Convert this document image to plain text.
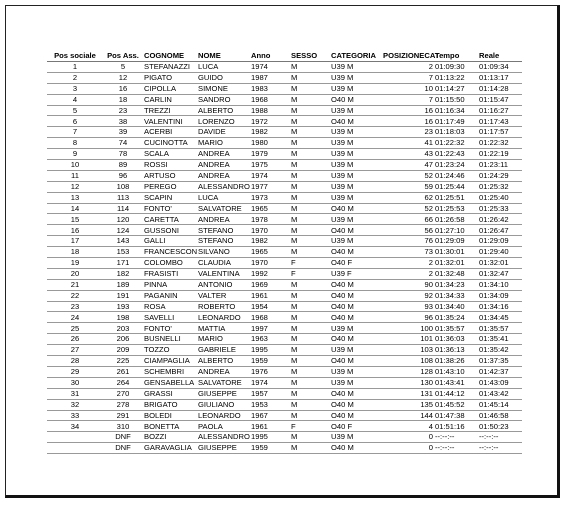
Pos sociale	Pos Ass.	COGNOME	NOME	Anno	SESSO	CATEGORIA	POSIZIONECAT	Tempo	Reale
1	5	STEFANAZZI	LUCA	1974	M	U39 M	2	01:09:30	01:09:34
2	12	PIGATO	GUIDO	1987	M	U39 M	7	01:13:22	01:13:17
3	16	CIPOLLA	SIMONE	1983	M	U39 M	10	01:14:27	01:14:28
4	18	CARLIN	SANDRO	1968	M	O40 M	7	01:15:50	01:15:47
5	23	TREZZI	ALBERTO	1988	M	U39 M	16	01:16:34	01:16:27
6	38	VALENTINI	LORENZO	1972	M	O40 M	16	01:17:49	01:17:43
7	39	ACERBI	DAVIDE	1982	M	U39 M	23	01:18:03	01:17:57
8	74	CUCINOTTA	MARIO	1980	M	U39 M	41	01:22:32	01:22:32
9	78	SCALA	ANDREA	1979	M	U39 M	43	01:22:43	01:22:19
10	89	ROSSI	ANDREA	1975	M	U39 M	47	01:23:24	01:23:11
11	96	ARTUSO	ANDREA	1974	M	U39 M	52	01:24:46	01:24:29
12	108	PEREGO	ALESSANDRO	1977	M	U39 M	59	01:25:44	01:25:32
13	113	SCAPIN	LUCA	1973	M	U39 M	62	01:25:51	01:25:40
14	114	FONTO'	SALVATORE	1965	M	O40 M	52	01:25:53	01:25:33
15	120	CARETTA	ANDREA	1978	M	U39 M	66	01:26:58	01:26:42
16	124	GUSSONI	STEFANO	1970	M	O40 M	56	01:27:10	01:26:47
17	143	GALLI	STEFANO	1982	M	U39 M	76	01:29:09	01:29:09
18	153	FRANCESCON	SILVANO	1965	M	O40 M	73	01:30:01	01:29:40
19	171	COLOMBO	CLAUDIA	1970	F	O40 F	2	01:32:01	01:32:01
20	182	FRASISTI	VALENTINA	1992	F	U39 F	2	01:32:48	01:32:47
21	189	PINNA	ANTONIO	1969	M	O40 M	90	01:34:23	01:34:10
22	191	PAGANIN	VALTER	1961	M	O40 M	92	01:34:33	01:34:09
23	193	ROSA	ROBERTO	1954	M	O40 M	93	01:34:40	01:34:16
24	198	SAVELLI	LEONARDO	1968	M	O40 M	96	01:35:24	01:34:45
25	203	FONTO'	MATTIA	1997	M	U39 M	100	01:35:57	01:35:57
26	206	BUSNELLI	MARIO	1963	M	O40 M	101	01:36:03	01:35:41
27	209	TOZZO	GABRIELE	1995	M	U39 M	103	01:36:13	01:35:42
28	225	CIAMPAGLIA	ALBERTO	1959	M	O40 M	108	01:38:26	01:37:35
29	261	SCHEMBRI	ANDREA	1976	M	U39 M	128	01:43:10	01:42:37
30	264	GENSABELLA	SALVATORE	1974	M	U39 M	130	01:43:41	01:43:09
31	270	GRASSI	GIUSEPPE	1957	M	O40 M	131	01:44:12	01:43:42
32	278	BRIGATO	GIULIANO	1953	M	O40 M	135	01:45:52	01:45:14
33	291	BOLEDI	LEONARDO	1967	M	O40 M	144	01:47:38	01:46:58
34	310	BONETTA	PAOLA	1961	F	O40 F	4	01:51:16	01:50:23
	DNF	BOZZI	ALESSANDRO	1995	M	U39 M	0	--:--:--	--:--:--
	DNF	GARAVAGLIA	GIUSEPPE	1959	M	O40 M	0	--:--:--	--:--:--
